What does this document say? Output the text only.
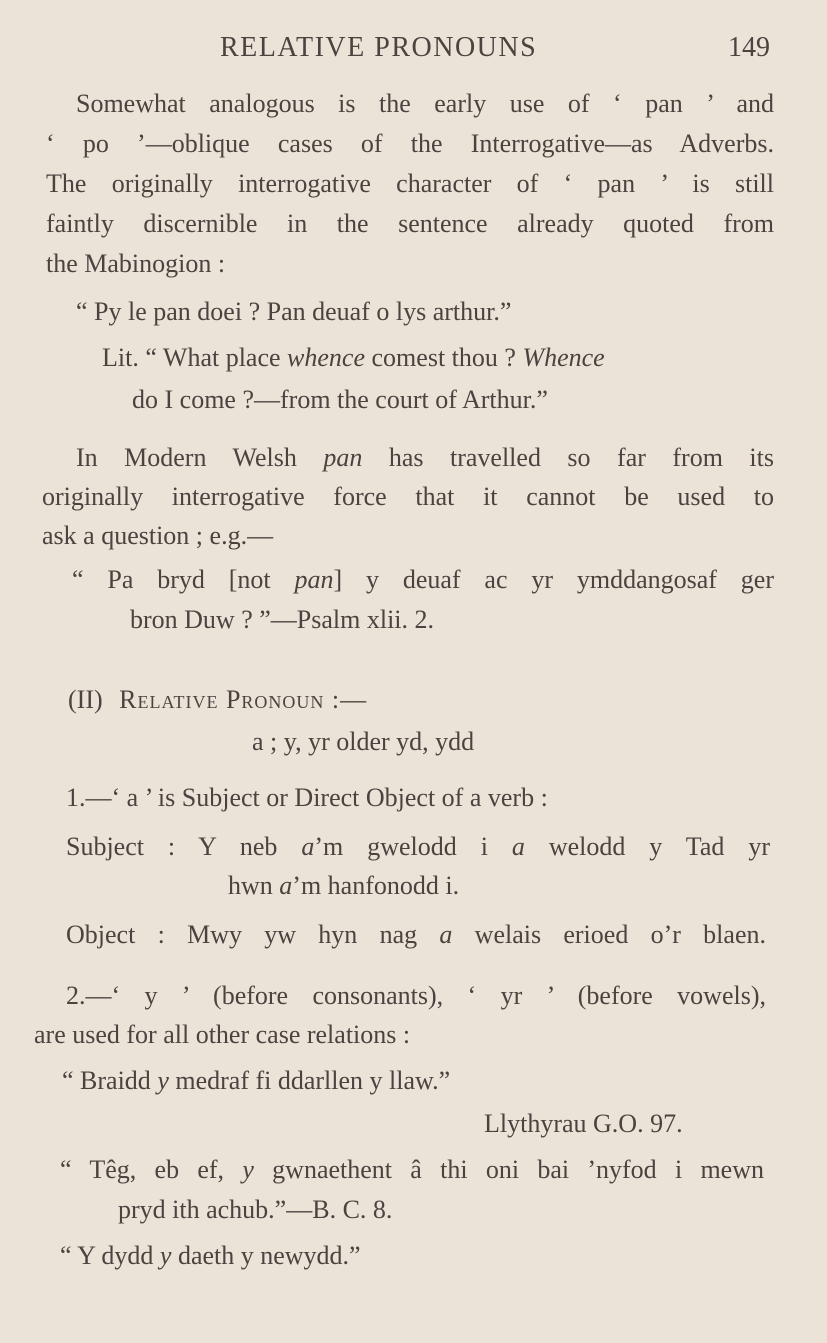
RELATIVE PRONOUNS	149
Somewhat analogous is the early use of ‘ pan ’ and
‘ po ’—oblique cases of the Interrogative—as Adverbs.
The originally interrogative character of ‘ pan ’ is still
faintly discernible in the sentence already quoted from
the Mabinogion :
“ Py le pan doei ? Pan deuaf o lys arthur.”
Lit. “ What place whence comest thou ? Whence
do I come ?—from the court of Arthur.”
In Modern Welsh pan has travelled so far from its
originally interrogative force that it cannot be used to
ask a question ; e.g.—
“ Pa bryd [not pan] y deuaf ac yr ymddangosaf ger
bron Duw ? ”—Psalm xlii. 2.
(II) Relative Pronoun :—
a ; y, yr older yd, ydd
1.—‘ a ’ is Subject or Direct Object of a verb :
Subject : Y neb a’m gwelodd i a welodd y Tad yr
hwn a’m hanfonodd i.
Object : Mwy yw hyn nag a welais erioed o’r blaen.
2.—‘ y ’ (before consonants), ‘ yr ’ (before vowels),
are used for all other case relations :
“ Braidd y medraf fi ddarllen y llaw.”
Llythyrau G.O. 97.
“ Têg, eb ef, y gwnaethent â thi oni bai ’nyfod i mewn
pryd ith achub.”—B. C. 8.
“ Y dydd y daeth y newydd.”
